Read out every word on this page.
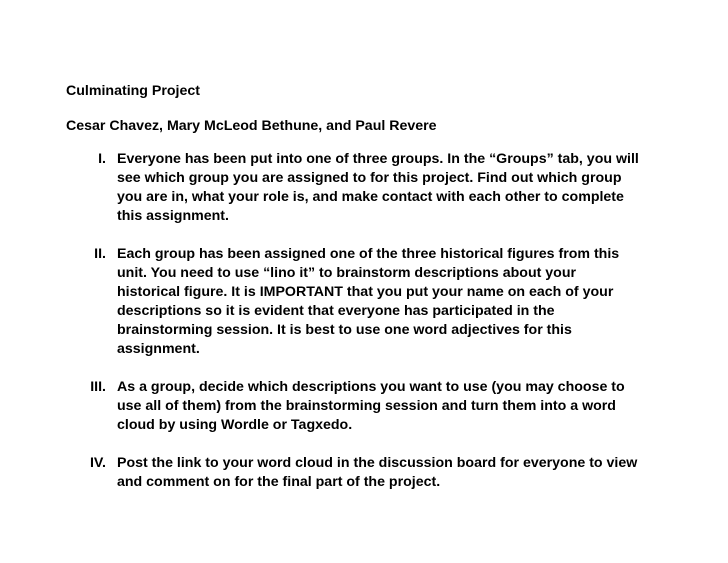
Culminating Project
Cesar Chavez, Mary McLeod Bethune, and Paul Revere
I. Everyone has been put into one of three groups. In the “Groups” tab, you will
see which group you are assigned to for this project. Find out which group
you are in, what your role is, and make contact with each other to complete
this assignment.
II. Each group has been assigned one of the three historical figures from this
unit. You need to use “lino it” to brainstorm descriptions about your
historical figure. It is IMPORTANT that you put your name on each of your
descriptions so it is evident that everyone has participated in the
brainstorming session. It is best to use one word adjectives for this
assignment.
III. As a group, decide which descriptions you want to use (you may choose to
use all of them) from the brainstorming session and turn them into a word
cloud by using Wordle or Tagxedo.
IV. Post the link to your word cloud in the discussion board for everyone to view
and comment on for the final part of the project.
